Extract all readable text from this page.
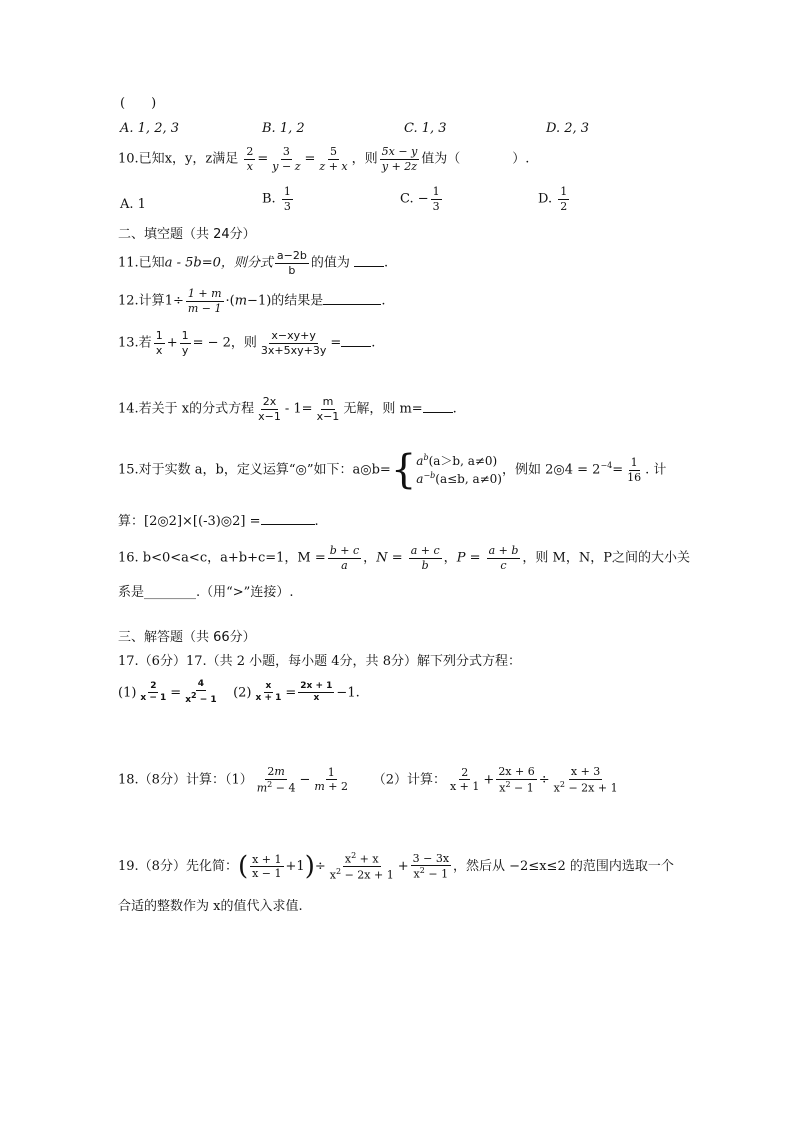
(　　)
A. 1, 2, 3	B. 1, 2	C. 1, 3	D. 2, 3
10.已知x，y，z满足 $\frac{2}{x} = \frac{3}{y - z} = \frac{5}{z + x}$ ，则 $\frac{5x - y}{y + 2z}$ 值为（　　　　）.
A. 1	B. $\frac{1}{3}$	C. − $\frac{1}{3}$	D. $\frac{1}{2}$
二、填空题（共 24分）
11.已知a - 5b=0，则分式 $\frac{a-2b}{b}$ 的值为	.
12.计算$1\div \frac{1 + m}{m - 1} \cdot(m-1)$的结果是	.
13.若 $\frac{1}{x} + \frac{1}{y}$ = − 2，则 $\frac{x-xy+y}{3x+5xy+3y}$ = .
14.若关于 x的分式方程 $\frac{2x}{x-1} - 1= \frac{m}{x-1}$ 无解，则 m= .
15.对于实数 a，b，定义运算“◎”如下：a◎b={ $a^b(a>b$, a≠0)
$a^{-b}(a\le b$, a≠0)
，例如 2◎4 = $2^{-4}= \frac{1}{16}$ . 计
算：[2◎2]×[(-3)◎2] =	.
16. b<0<a<c，a+b+c=1，$M = \frac{b + c}{a}$ ，$N = \frac{a + c}{b}$ ，$P = \frac{a + b}{c}$ ，则 M，N，P之间的大小关
系是________.（用“>”连接）.
三、解答题（共 66分）
17.（6分）17.（共 2 小题，每小题 4分，共 8分）解下列分式方程：
$(1) \frac{2}{x - 1} = \frac{4}{x^2 - 1} (2) \frac{x}{x + 1} = \frac{2x + 1}{x} -1$.
18.（8分）计算：$(1) \frac{2m}{m^2 - 4} - \frac{1}{m + 2} (2)$计算： $\frac{2}{x + 1} + \frac{2x + 6}{x^2 - 1} \div \frac{x + 3}{x^2 - 2x + 1}$
19.（8分）先化简：( $\frac{x + 1}{x - 1} +1)\div \frac{x^2 + x}{x^2 - 2x + 1} + \frac{3 - 3x}{x^2 - 1}$ ，然后从 −2≤x≤2 的范围内选取一个
合适的整数作为 x的值代入求值.
